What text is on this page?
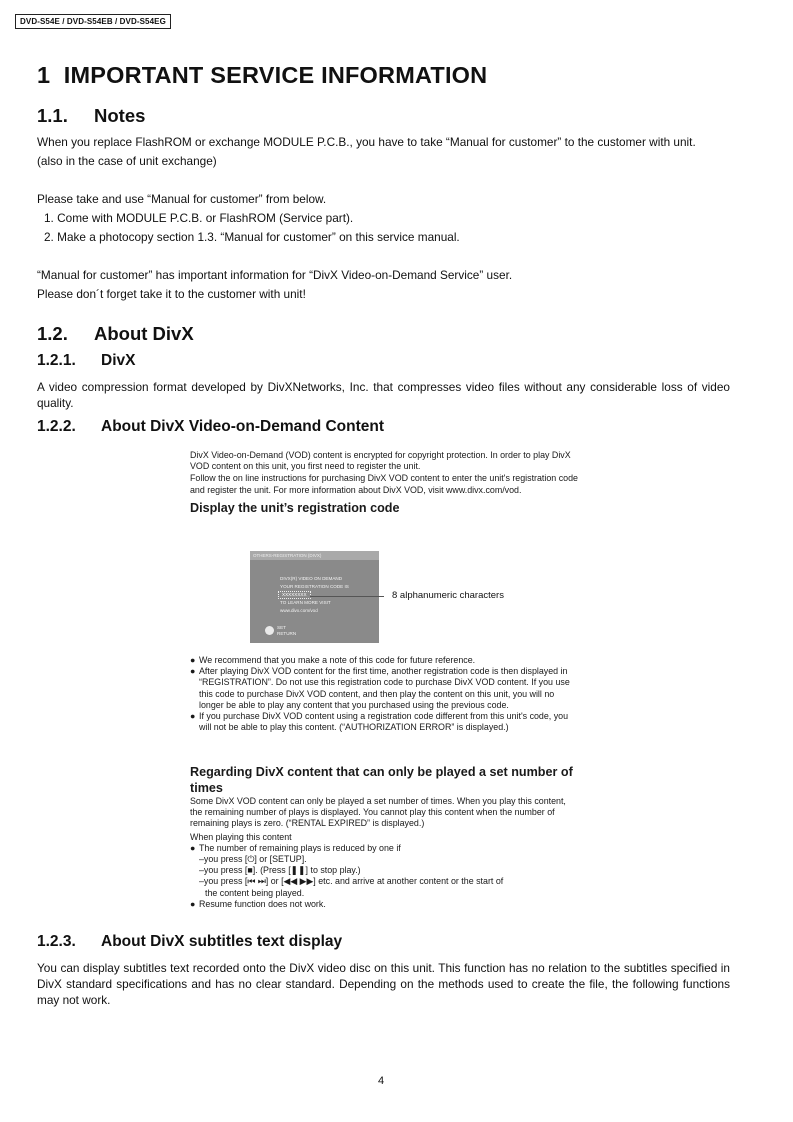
DVD-S54E / DVD-S54EB / DVD-S54EG
1 IMPORTANT SERVICE INFORMATION
1.1. Notes

When you replace FlashROM or exchange MODULE P.C.B., you have to take “Manual for customer” to the customer with unit.

(also in the case of unit exchange)

Please take and use “Manual for customer” from below.

1. Come with MODULE P.C.B. or FlashROM (Service part).

2. Make a photocopy section 1.3. “Manual for customer” on this service manual.

“Manual for customer” has important information for “DivX Video-on-Demand Service” user.

Please don´t forget take it to the customer with unit!

1.2. About DivX
1.2.1. DivX

A video compression format developed by DivXNetworks, Inc. that compresses video files without any considerable loss of video quality.

1.2.2. About DivX Video-on-Demand Content

DivX Video-on-Demand (VOD) content is encrypted for copyright protection. In order to play DivX VOD content on this unit, you first need to register the unit.

Follow the on line instructions for purchasing DivX VOD content to enter the unit's registration code and register the unit. For more information about DivX VOD, visit www.divx.com/vod.

Display the unit’s registration code

OTHERS-REGISTRATION (DIVX)
DIVX(R) VIDEO ON DEMAND
YOUR REGISTRATION CODE IS
XXXXXXXX
TO LEARN MORE VISIT
www.divx.com/vod
SET
RETURN
8 alphanumeric characters
● We recommend that you make a note of this code for future reference.
● After playing DivX VOD content for the first time, another registration code is then displayed in “REGISTRATION”. Do not use this registration code to purchase DivX VOD content. If you use this code to purchase DivX VOD content, and then play the content on this unit, you will no longer be able to play any content that you purchased using the previous code.
● If you purchase DivX VOD content using a registration code different from this unit's code, you will not be able to play this content. (“AUTHORIZATION ERROR” is displayed.)

Regarding DivX content that can only be played a set number of times

Some DivX VOD content can only be played a set number of times. When you play this content, the remaining number of plays is displayed. You cannot play this content when the number of remaining plays is zero. (“RENTAL EXPIRED” is displayed.)

When playing this content

● The number of remaining plays is reduced by one if

–you press [⏻] or [SETUP].

–you press [■]. (Press [❚❚] to stop play.)

–you press [⏮ ⏭] or [◀◀ ▶▶] etc. and arrive at another content or the start of

the content being played.

● Resume function does not work.
1.2.3. About DivX subtitles text display

You can display subtitles text recorded onto the DivX video disc on this unit. This function has no relation to the subtitles specified in DivX standard specifications and has no clear standard. Depending on the methods used to create the file, the following functions may not work.

4
